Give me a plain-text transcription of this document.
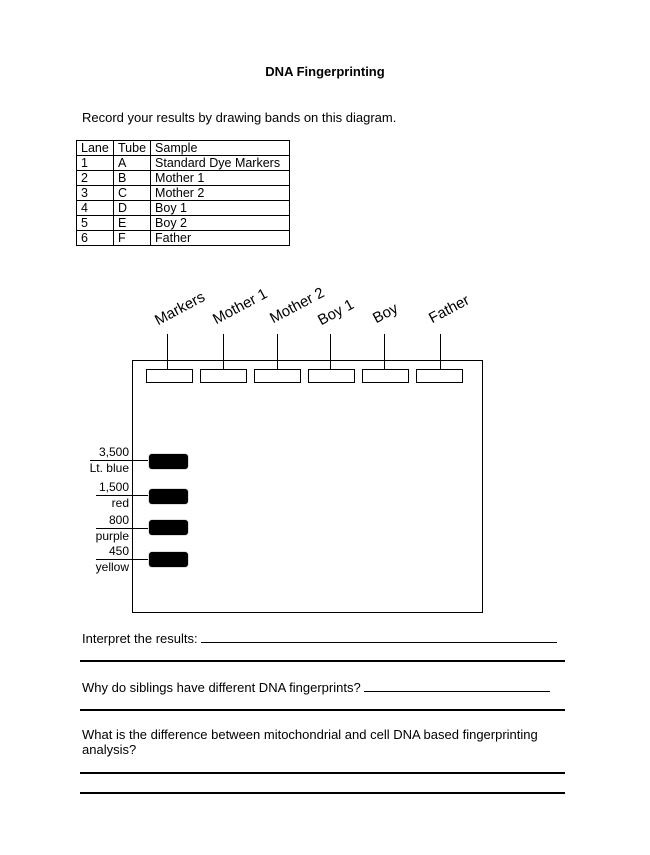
DNA Fingerprinting
Record your results by drawing bands on this diagram.
Lane	Tube	Sample
1	A	Standard Dye Markers
2	B	Mother 1
3	C	Mother 2
4	D	Boy 1
5	E	Boy 2
6	F	Father
Markers Mother 1
Mother 2
Boy 1 Boy Father
3,500
Lt. blue
1,500
red
800
purple
450
yellow
Interpret the results:
Why do siblings have different DNA fingerprints?
What is the difference between mitochondrial and cell DNA based fingerprinting
analysis?
